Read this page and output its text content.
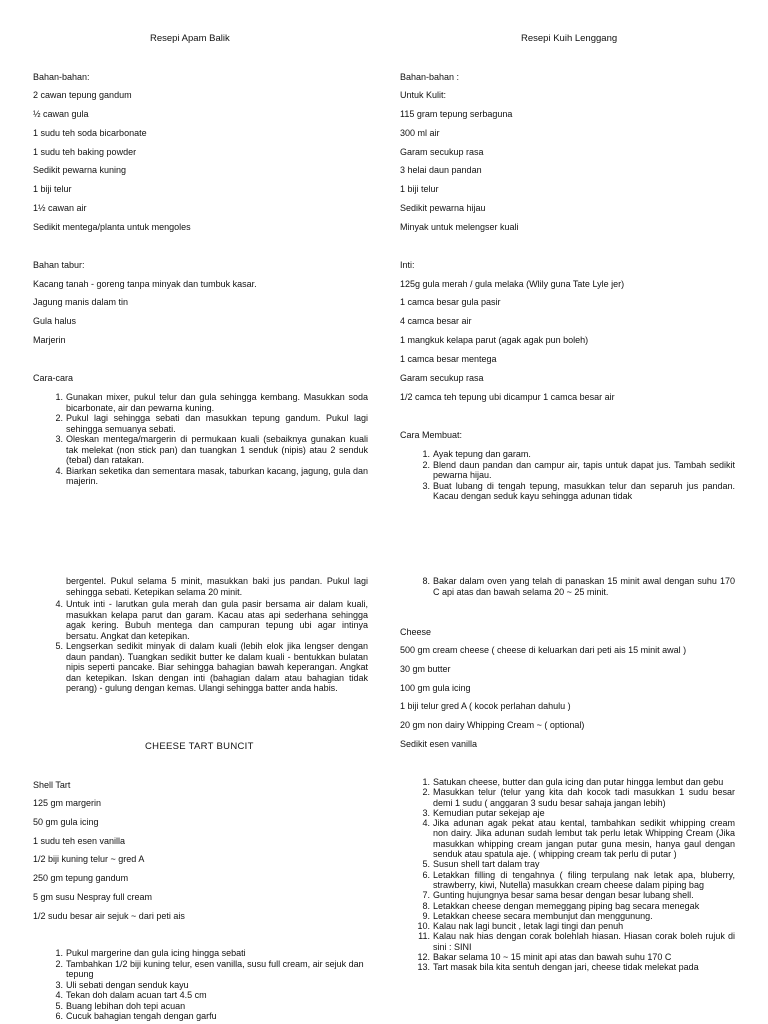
Resepi Apam Balik
Bahan-bahan:
2 cawan tepung gandum
½ cawan gula
1 sudu teh soda bicarbonate
1 sudu teh baking powder
Sedikit pewarna kuning
1 biji telur
1½ cawan air
Sedikit mentega/planta untuk mengoles
Bahan tabur:
Kacang tanah - goreng tanpa minyak dan tumbuk kasar.
Jagung manis dalam tin
Gula halus
Marjerin
Cara-cara
1. Gunakan mixer, pukul telur dan gula sehingga kembang. Masukkan soda bicarbonate, air dan pewarna kuning.
2. Pukul lagi sehingga sebati dan masukkan tepung gandum. Pukul lagi sehingga semuanya sebati.
3. Oleskan mentega/margerin di permukaan kuali (sebaiknya gunakan kuali tak melekat (non stick pan) dan tuangkan 1 senduk (nipis) atau 2 senduk (tebal) dan ratakan.
4. Biarkan seketika dan sementara masak, taburkan kacang, jagung, gula dan majerin.
Resepi Kuih Lenggang
Bahan-bahan :
Untuk Kulit:
115 gram tepung serbaguna
300 ml air
Garam secukup rasa
3 helai daun pandan
1 biji telur
Sedikit pewarna hijau
Minyak untuk melengser kuali
Inti:
125g gula merah / gula melaka (Wlily guna Tate Lyle jer)
1 camca besar gula pasir
4 camca besar air
1 mangkuk kelapa parut (agak agak pun boleh)
1 camca besar mentega
Garam secukup rasa
1/2 camca teh tepung ubi dicampur 1 camca besar air
Cara Membuat:
1. Ayak tepung dan garam.
2. Blend daun pandan dan campur air, tapis untuk dapat jus. Tambah sedikit pewarna hijau.
3. Buat lubang di tengah tepung, masukkan telur dan separuh jus pandan. Kacau dengan seduk kayu sehingga adunan tidak
bergentel. Pukul selama 5 minit, masukkan baki jus pandan. Pukul lagi sehingga sebati. Ketepikan selama 20 minit.
4. Untuk inti - larutkan gula merah dan gula pasir bersama air dalam kuali, masukkan kelapa parut dan garam. Kacau atas api sederhana sehingga agak kering. Bubuh mentega dan campuran tepung ubi agar intinya bersatu. Angkat dan ketepikan.
5. Lengserkan sedikit minyak di dalam kuali (lebih elok jika lengser dengan daun pandan). Tuangkan sedikit butter ke dalam kuali - bentukkan bulatan nipis seperti pancake. Biar sehingga bahagian bawah keperangan. Angkat dan ketepikan. Iskan dengan inti (bahagian dalam atau bahagian tidak perang) - gulung dengan kemas. Ulangi sehingga batter anda habis.
CHEESE TART BUNCIT
Shell Tart
125 gm margerin
50 gm gula icing
1 sudu teh esen vanilla
1/2 biji kuning telur ~ gred A
250 gm tepung gandum
5 gm susu Nespray full cream
1/2 sudu besar air sejuk ~ dari peti ais
1. Pukul margerine dan gula icing hingga sebati
2. Tambahkan 1/2 biji kuning telur, esen vanilla, susu full cream, air sejuk dan tepung
3. Uli sebati dengan senduk kayu
4. Tekan doh dalam acuan tart 4.5 cm
5. Buang lebihan doh tepi acuan
6. Cucuk bahagian tengah dengan garfu
8. Bakar dalam oven yang telah di panaskan 15 minit awal dengan suhu 170 C api atas dan bawah selama 20 ~ 25 minit.
Cheese
500 gm cream cheese ( cheese di keluarkan dari peti ais 15 minit awal )
30 gm butter
100 gm gula icing
1 biji telur gred A ( kocok perlahan dahulu )
20 gm non dairy Whipping Cream ~ ( optional)
Sedikit esen vanilla
1. Satukan cheese, butter dan gula icing dan putar hingga lembut dan gebu
2. Masukkan telur (telur yang kita dah kocok tadi masukkan 1 sudu besar demi 1 sudu ( anggaran 3 sudu besar sahaja jangan lebih)
3. Kemudian putar sekejap aje
4. Jika adunan agak pekat atau kental, tambahkan sedikit whipping cream non dairy. Jika adunan sudah lembut tak perlu letak Whipping Cream (Jika masukkan whipping cream jangan putar guna mesin, hanya gaul dengan senduk atau spatula aje. ( whipping cream tak perlu di putar )
5. Susun shell tart dalam tray
6. Letakkan filling di tengahnya ( filing terpulang nak letak apa, bluberry, strawberry, kiwi, Nutella) masukkan cream cheese dalam piping bag
7. Gunting hujungnya besar sama besar dengan besar lubang shell.
8. Letakkan cheese dengan memeggang piping bag secara menegak
9. Letakkan cheese secara membunjut dan menggunung.
10. Kalau nak lagi buncit , letak lagi tingi dan penuh
11. Kalau nak hias dengan corak bolehlah hiasan. Hiasan corak boleh rujuk di sini : SINI
12. Bakar selama 10 ~ 15 minit api atas dan bawah suhu 170 C
13. Tart masak bila kita sentuh dengan jari, cheese tidak melekat pada
